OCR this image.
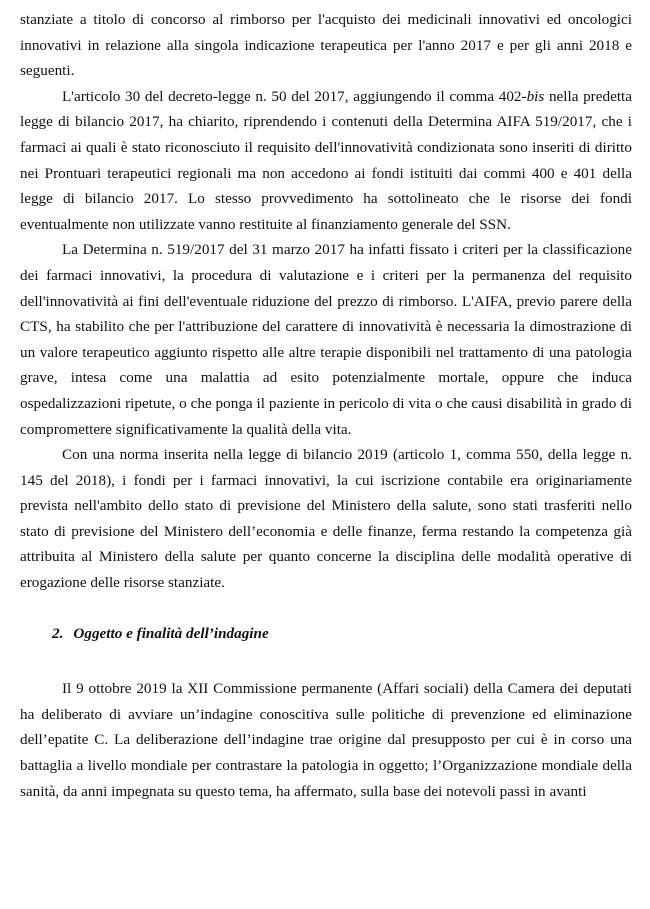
stanziate a titolo di concorso al rimborso per l'acquisto dei medicinali innovativi ed oncologici innovativi in relazione alla singola indicazione terapeutica per l'anno 2017 e per gli anni 2018 e seguenti.

L'articolo 30 del decreto-legge n. 50 del 2017, aggiungendo il comma 402-bis nella predetta legge di bilancio 2017, ha chiarito, riprendendo i contenuti della Determina AIFA 519/2017, che i farmaci ai quali è stato riconosciuto il requisito dell'innovatività condizionata sono inseriti di diritto nei Prontuari terapeutici regionali ma non accedono ai fondi istituiti dai commi 400 e 401 della legge di bilancio 2017. Lo stesso provvedimento ha sottolineato che le risorse dei fondi eventualmente non utilizzate vanno restituite al finanziamento generale del SSN.

La Determina n. 519/2017 del 31 marzo 2017 ha infatti fissato i criteri per la classificazione dei farmaci innovativi, la procedura di valutazione e i criteri per la permanenza del requisito dell'innovatività ai fini dell'eventuale riduzione del prezzo di rimborso. L'AIFA, previo parere della CTS, ha stabilito che per l'attribuzione del carattere di innovatività è necessaria la dimostrazione di un valore terapeutico aggiunto rispetto alle altre terapie disponibili nel trattamento di una patologia grave, intesa come una malattia ad esito potenzialmente mortale, oppure che induca ospedalizzazioni ripetute, o che ponga il paziente in pericolo di vita o che causi disabilità in grado di compromettere significativamente la qualità della vita.

Con una norma inserita nella legge di bilancio 2019 (articolo 1, comma 550, della legge n. 145 del 2018), i fondi per i farmaci innovativi, la cui iscrizione contabile era originariamente prevista nell'ambito dello stato di previsione del Ministero della salute, sono stati trasferiti nello stato di previsione del Ministero dell’economia e delle finanze, ferma restando la competenza già attribuita al Ministero della salute per quanto concerne la disciplina delle modalità operative di erogazione delle risorse stanziate.

2. Oggetto e finalità dell’indagine

Il 9 ottobre 2019 la XII Commissione permanente (Affari sociali) della Camera dei deputati ha deliberato di avviare un’indagine conoscitiva sulle politiche di prevenzione ed eliminazione dell’epatite C. La deliberazione dell’indagine trae origine dal presupposto per cui è in corso una battaglia a livello mondiale per contrastare la patologia in oggetto; l’Organizzazione mondiale della sanità, da anni impegnata su questo tema, ha affermato, sulla base dei notevoli passi in avanti
